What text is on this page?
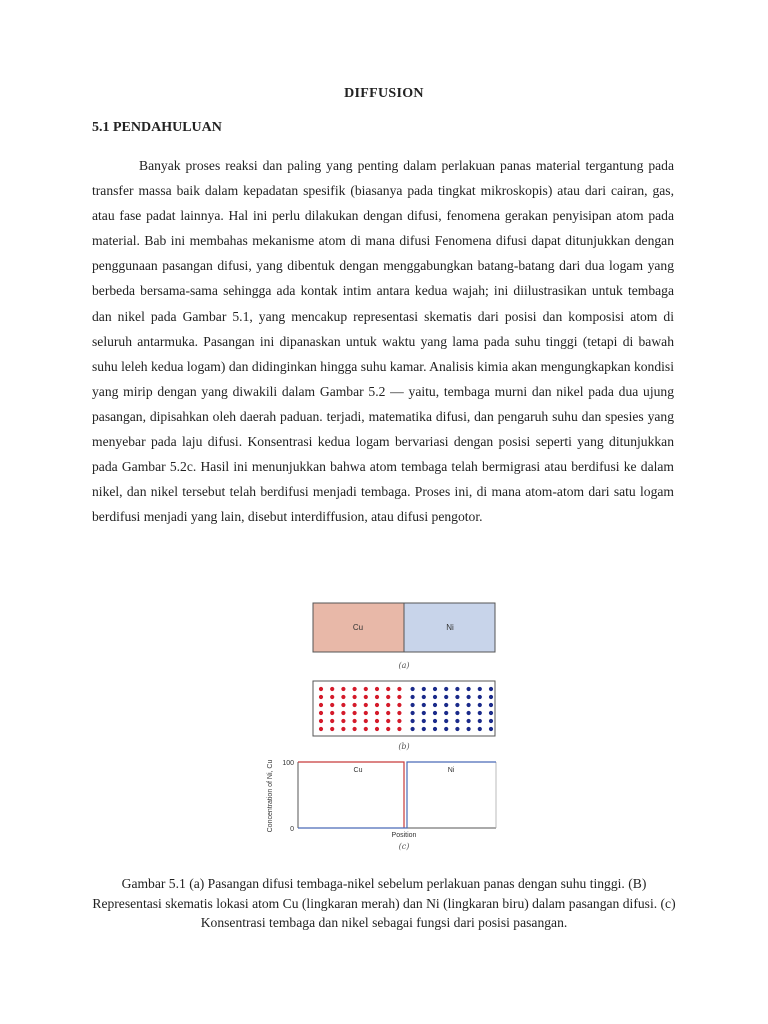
DIFFUSION
5.1 PENDAHULUAN

Banyak proses reaksi dan paling yang penting dalam perlakuan panas material tergantung pada transfer massa baik dalam kepadatan spesifik (biasanya pada tingkat mikroskopis) atau dari cairan, gas, atau fase padat lainnya. Hal ini perlu dilakukan dengan difusi, fenomena gerakan penyisipan atom pada material. Bab ini membahas mekanisme atom di mana difusi Fenomena difusi dapat ditunjukkan dengan penggunaan pasangan difusi, yang dibentuk dengan menggabungkan batang-batang dari dua logam yang berbeda bersama-sama sehingga ada kontak intim antara kedua wajah; ini diilustrasikan untuk tembaga dan nikel pada Gambar 5.1, yang mencakup representasi skematis dari posisi dan komposisi atom di seluruh antarmuka. Pasangan ini dipanaskan untuk waktu yang lama pada suhu tinggi (tetapi di bawah suhu leleh kedua logam) dan didinginkan hingga suhu kamar. Analisis kimia akan mengungkapkan kondisi yang mirip dengan yang diwakili dalam Gambar 5.2 — yaitu, tembaga murni dan nikel pada dua ujung pasangan, dipisahkan oleh daerah paduan. terjadi, matematika difusi, dan pengaruh suhu dan spesies yang menyebar pada laju difusi. Konsentrasi kedua logam bervariasi dengan posisi seperti yang ditunjukkan pada Gambar 5.2c. Hasil ini menunjukkan bahwa atom tembaga telah bermigrasi atau berdifusi ke dalam nikel, dan nikel tersebut telah berdifusi menjadi tembaga. Proses ini, di mana atom-atom dari satu logam berdifusi menjadi yang lain, disebut interdiffusion, atau difusi pengotor.

Cu	Ni
(a)
(b)
Concentration of Ni, Cu 100
0
Cu	Ni
Position
(c)

Gambar 5.1 (a) Pasangan difusi tembaga-nikel sebelum perlakuan panas dengan suhu tinggi. (B) Representasi skematis lokasi atom Cu (lingkaran merah) dan Ni (lingkaran biru) dalam pasangan difusi. (c) Konsentrasi tembaga dan nikel sebagai fungsi dari posisi pasangan.
